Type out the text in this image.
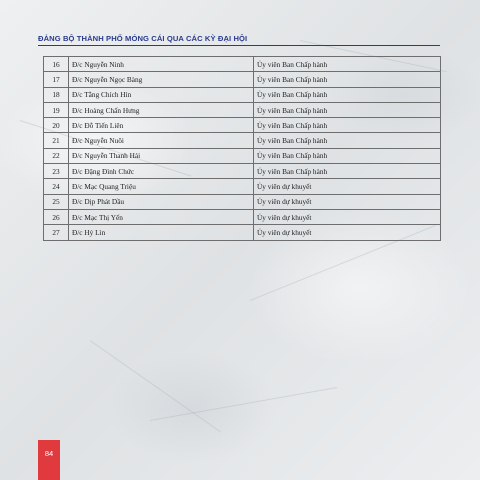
ĐẢNG BỘ THÀNH PHỐ MÓNG CÁI QUA CÁC KỲ ĐẠI HỘI
16	Đ/c Nguyễn Ninh	Ủy viên Ban Chấp hành
17	Đ/c Nguyễn Ngọc Bàng	Ủy viên Ban Chấp hành
18	Đ/c Tằng Chích Hìn	Ủy viên Ban Chấp hành
19	Đ/c Hoàng Chấn Hưng	Ủy viên Ban Chấp hành
20	Đ/c Đỗ Tiến Liên	Ủy viên Ban Chấp hành
21	Đ/c Nguyễn Nuôi	Ủy viên Ban Chấp hành
22	Đ/c Nguyễn Thanh Hải	Ủy viên Ban Chấp hành
23	Đ/c Đặng Đình Chức	Ủy viên Ban Chấp hành
24	Đ/c Mạc Quang Triệu	Ủy viên dự khuyết
25	Đ/c Dịp Phát Dầu	Ủy viên dự khuyết
26	Đ/c Mạc Thị Yến	Ủy viên dự khuyết
27	Đ/c Hỷ Lìn	Ủy viên dự khuyết
84
